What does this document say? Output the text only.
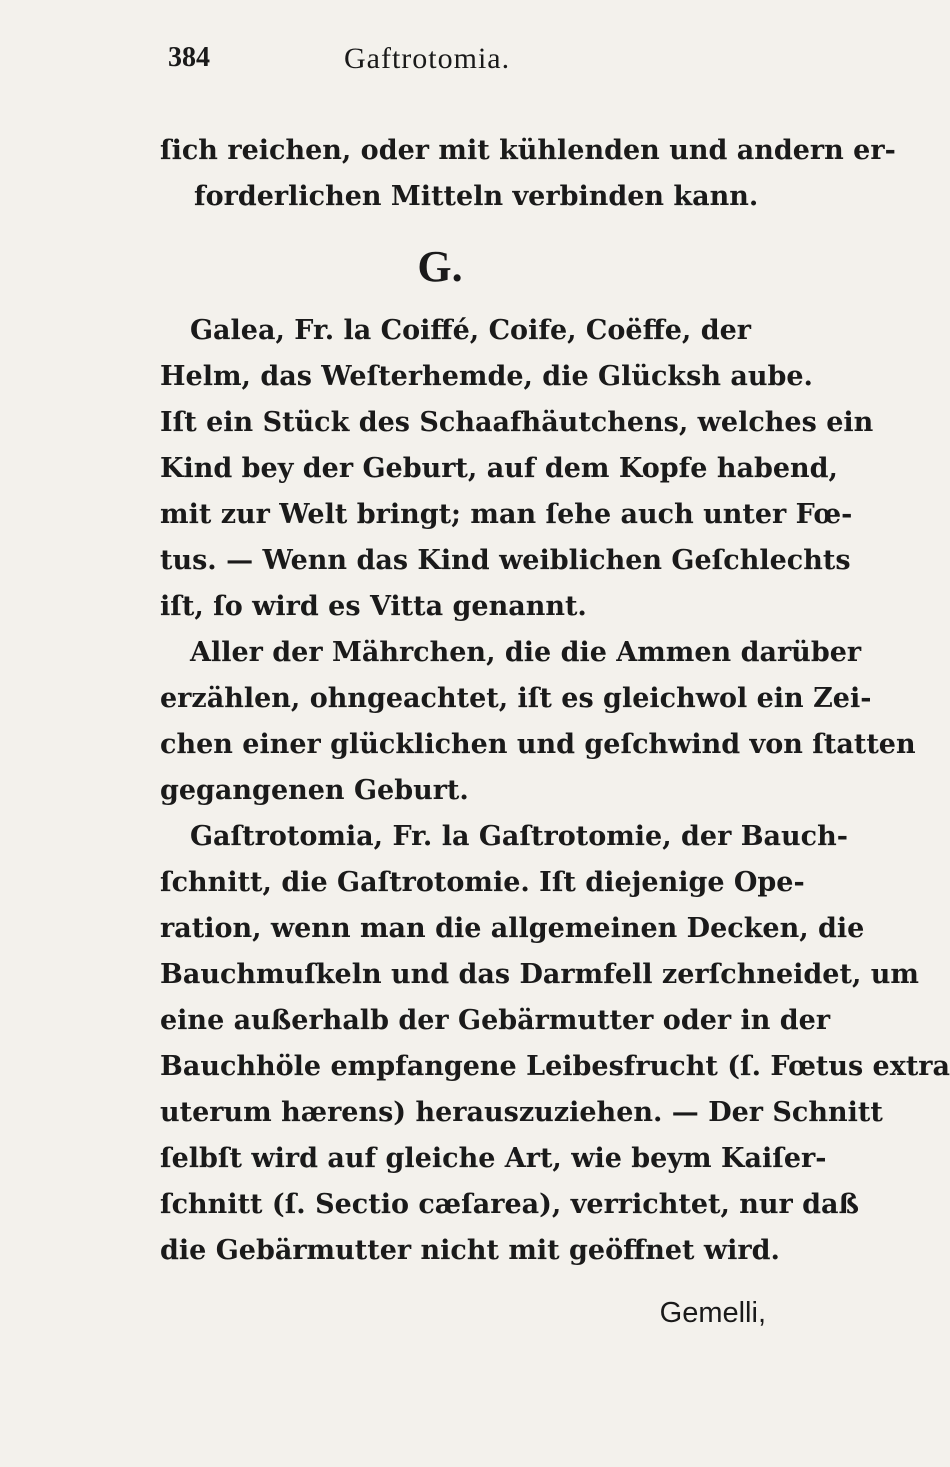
384	Gaftrotomia.
ſich reichen, oder mit kühlenden und andern er-
forderlichen Mitteln verbinden kann.
G.
Galea, Fr. la Coiffé, Coife, Coëffe, der
Helm, das Weſterhemde, die Glücksh aube.
Iſt ein Stück des Schaafhäutchens, welches ein
Kind bey der Geburt, auf dem Kopfe habend,
mit zur Welt bringt; man ſehe auch unter Fœ-
tus. — Wenn das Kind weiblichen Geſchlechts
iſt, ſo wird es Vitta genannt.
Aller der Mährchen, die die Ammen darüber
erzählen, ohngeachtet, iſt es gleichwol ein Zei-
chen einer glücklichen und geſchwind von ſtatten
gegangenen Geburt.
Gaſtrotomia, Fr. la Gaſtrotomie, der Bauch-
ſchnitt, die Gaſtrotomie. Iſt diejenige Ope-
ration, wenn man die allgemeinen Decken, die
Bauchmuſkeln und das Darmfell zerſchneidet, um
eine außerhalb der Gebärmutter oder in der
Bauchhöle empfangene Leibesfrucht (ſ. Fœtus extra
uterum hærens) herauszuziehen. — Der Schnitt
ſelbſt wird auf gleiche Art, wie beym Kaiſer-
ſchnitt (ſ. Sectio cæſarea), verrichtet, nur daß
die Gebärmutter nicht mit geöffnet wird.
Gemelli,
